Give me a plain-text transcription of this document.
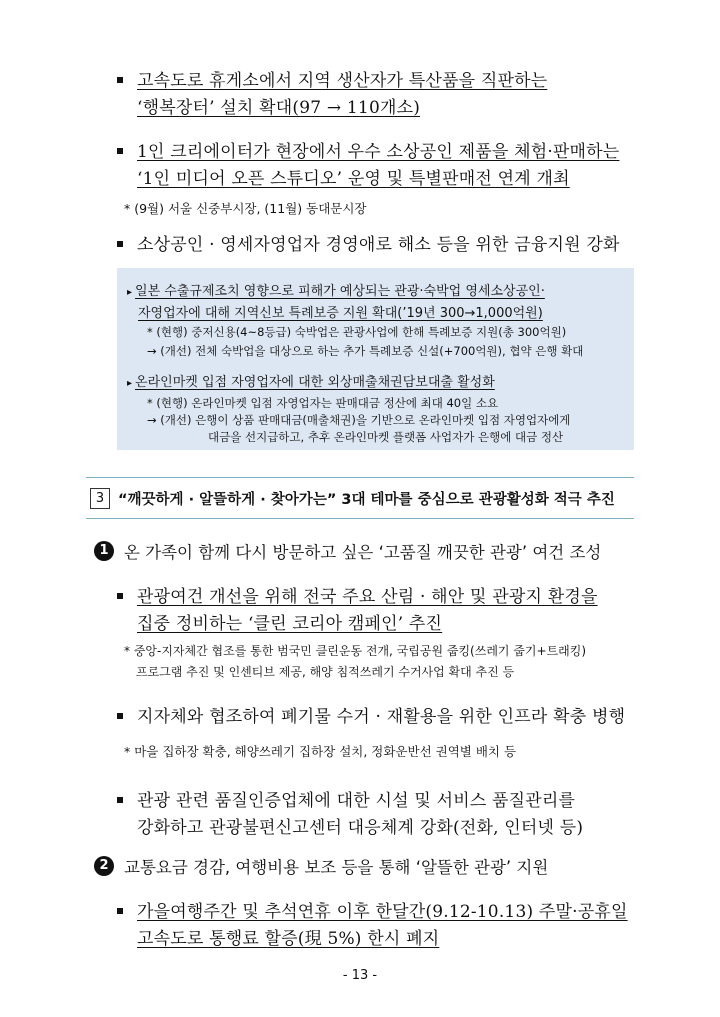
고속도로 휴게소에서 지역 생산자가 특산품을 직판하는
‘행복장터’ 설치 확대(97 → 110개소)
1인 크리에이터가 현장에서 우수 소상공인 제품을 체험·판매하는
‘1인 미디어 오픈 스튜디오’ 운영 및 특별판매전 연계 개최
* (9월) 서울 신중부시장, (11월) 동대문시장
소상공인 · 영세자영업자 경영애로 해소 등을 위한 금융지원 강화
▸ 일본 수출규제조치 영향으로 피해가 예상되는 관광·숙박업 영세소상공인·
자영업자에 대해 지역신보 특례보증 지원 확대(’19년 300→1,000억원)
* (현행) 중저신용(4~8등급) 숙박업은 관광사업에 한해 특례보증 지원(총 300억원)
→ (개선) 전체 숙박업을 대상으로 하는 추가 특례보증 신설(+700억원), 협약 은행 확대
▸ 온라인마켓 입점 자영업자에 대한 외상매출채권담보대출 활성화
* (현행) 온라인마켓 입점 자영업자는 판매대금 정산에 최대 40일 소요
→ (개선) 은행이 상품 판매대금(매출채권)을 기반으로 온라인마켓 입점 자영업자에게
대금을 선지급하고, 추후 온라인마켓 플랫폼 사업자가 은행에 대금 정산
3 “깨끗하게 · 알뜰하게 · 찾아가는” 3대 테마를 중심으로 관광활성화 적극 추진
1 온 가족이 함께 다시 방문하고 싶은 ‘고품질 깨끗한 관광’ 여건 조성
관광여건 개선을 위해 전국 주요 산림 · 해안 및 관광지 환경을
집중 정비하는 ‘클린 코리아 캠페인’ 추진
* 중앙-지자체간 협조를 통한 범국민 클린운동 전개, 국립공원 줍킹(쓰레기 줍기+트래킹)
프로그램 추진 및 인센티브 제공, 해양 침적쓰레기 수거사업 확대 추진 등
지자체와 협조하여 폐기물 수거 · 재활용을 위한 인프라 확충 병행
* 마을 집하장 확충, 해양쓰레기 집하장 설치, 정화운반선 권역별 배치 등
관광 관련 품질인증업체에 대한 시설 및 서비스 품질관리를
강화하고 관광불편신고센터 대응체계 강화(전화, 인터넷 등)
2 교통요금 경감, 여행비용 보조 등을 통해 ‘알뜰한 관광’ 지원
가을여행주간 및 추석연휴 이후 한달간(9.12-10.13) 주말·공휴일
고속도로 통행료 할증(現 5%) 한시 폐지
- 13 -
